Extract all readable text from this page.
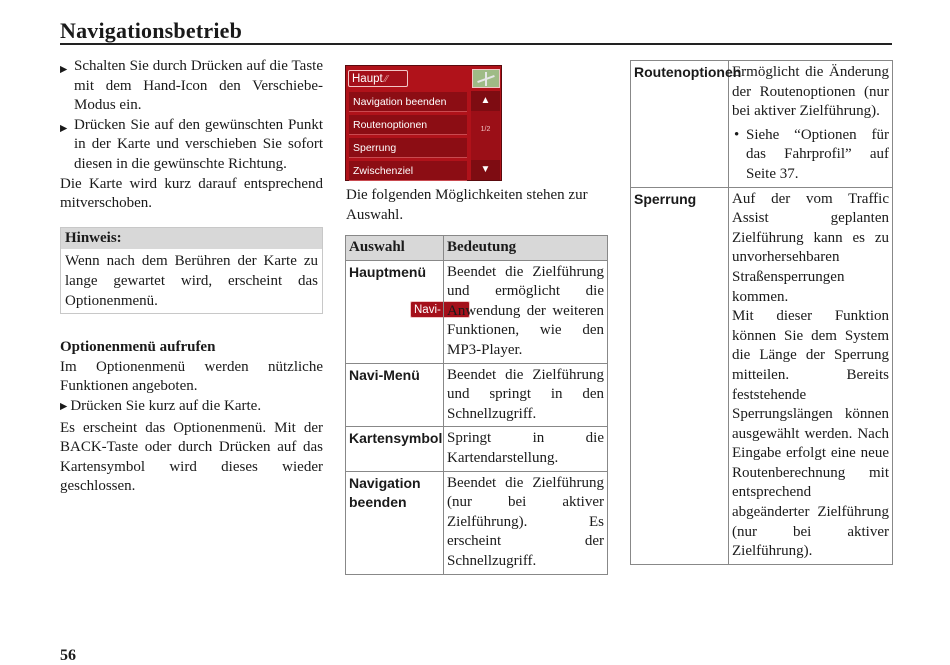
Navigationsbetrieb
▶ Schalten Sie durch Drücken auf die Taste mit dem Hand-Icon den Verschiebe-Modus ein.
▶ Drücken Sie auf den gewünschten Punkt in der Karte und verschieben Sie sofort diesen in die gewünschte Richtung.

Die Karte wird kurz darauf entsprechend mitverschoben.

Hinweis:
Wenn nach dem Berühren der Karte zu lange gewartet wird, erscheint das Optionenmenü.
Optionenmenü aufrufen

Im Optionenmenü werden nützliche Funktionen angeboten.

▶ Drücken Sie kurz auf die Karte.

Es erscheint das Optionenmenü. Mit der BACK-Taste oder durch Drücken auf das Kartensymbol wird dieses wieder geschlossen.

Haupt ⁄⁄
Navi-Menü
Navigation beenden
Routenoptionen
Sperrung
Zwischenziel
▲
1/2
▼

Die folgenden Möglichkeiten stehen zur Auswahl.

Auswahl	Bedeutung
Hauptmenü	Beendet die Zielführung und ermöglicht die Anwendung der weiteren Funktionen, wie den MP3-Player.
Navi-Menü	Beendet die Zielführung und springt in den Schnellzugriff.
Kartensymbol	Springt in die Kartendarstellung.
Navigation beenden	Beendet die Zielführung (nur bei aktiver Zielführung). Es erscheint der Schnellzugriff.
Routenoptionen	Ermöglicht die Änderung der Routenoptionen (nur bei aktiver Zielführung).
• Siehe “Optionen für das Fahrprofil” auf Seite 37.

Sperrung	Auf der vom Traffic Assist geplanten Zielführung kann es zu unvorhersehbaren Straßensperrungen kommen.
Mit dieser Funktion können Sie dem System die Länge der Sperrung mitteilen. Bereits feststehende Sperrungslängen können ausgewählt werden. Nach Eingabe erfolgt eine neue Routenberechnung mit entsprechend abgeänderter Zielführung (nur bei aktiver Zielführung).
56
